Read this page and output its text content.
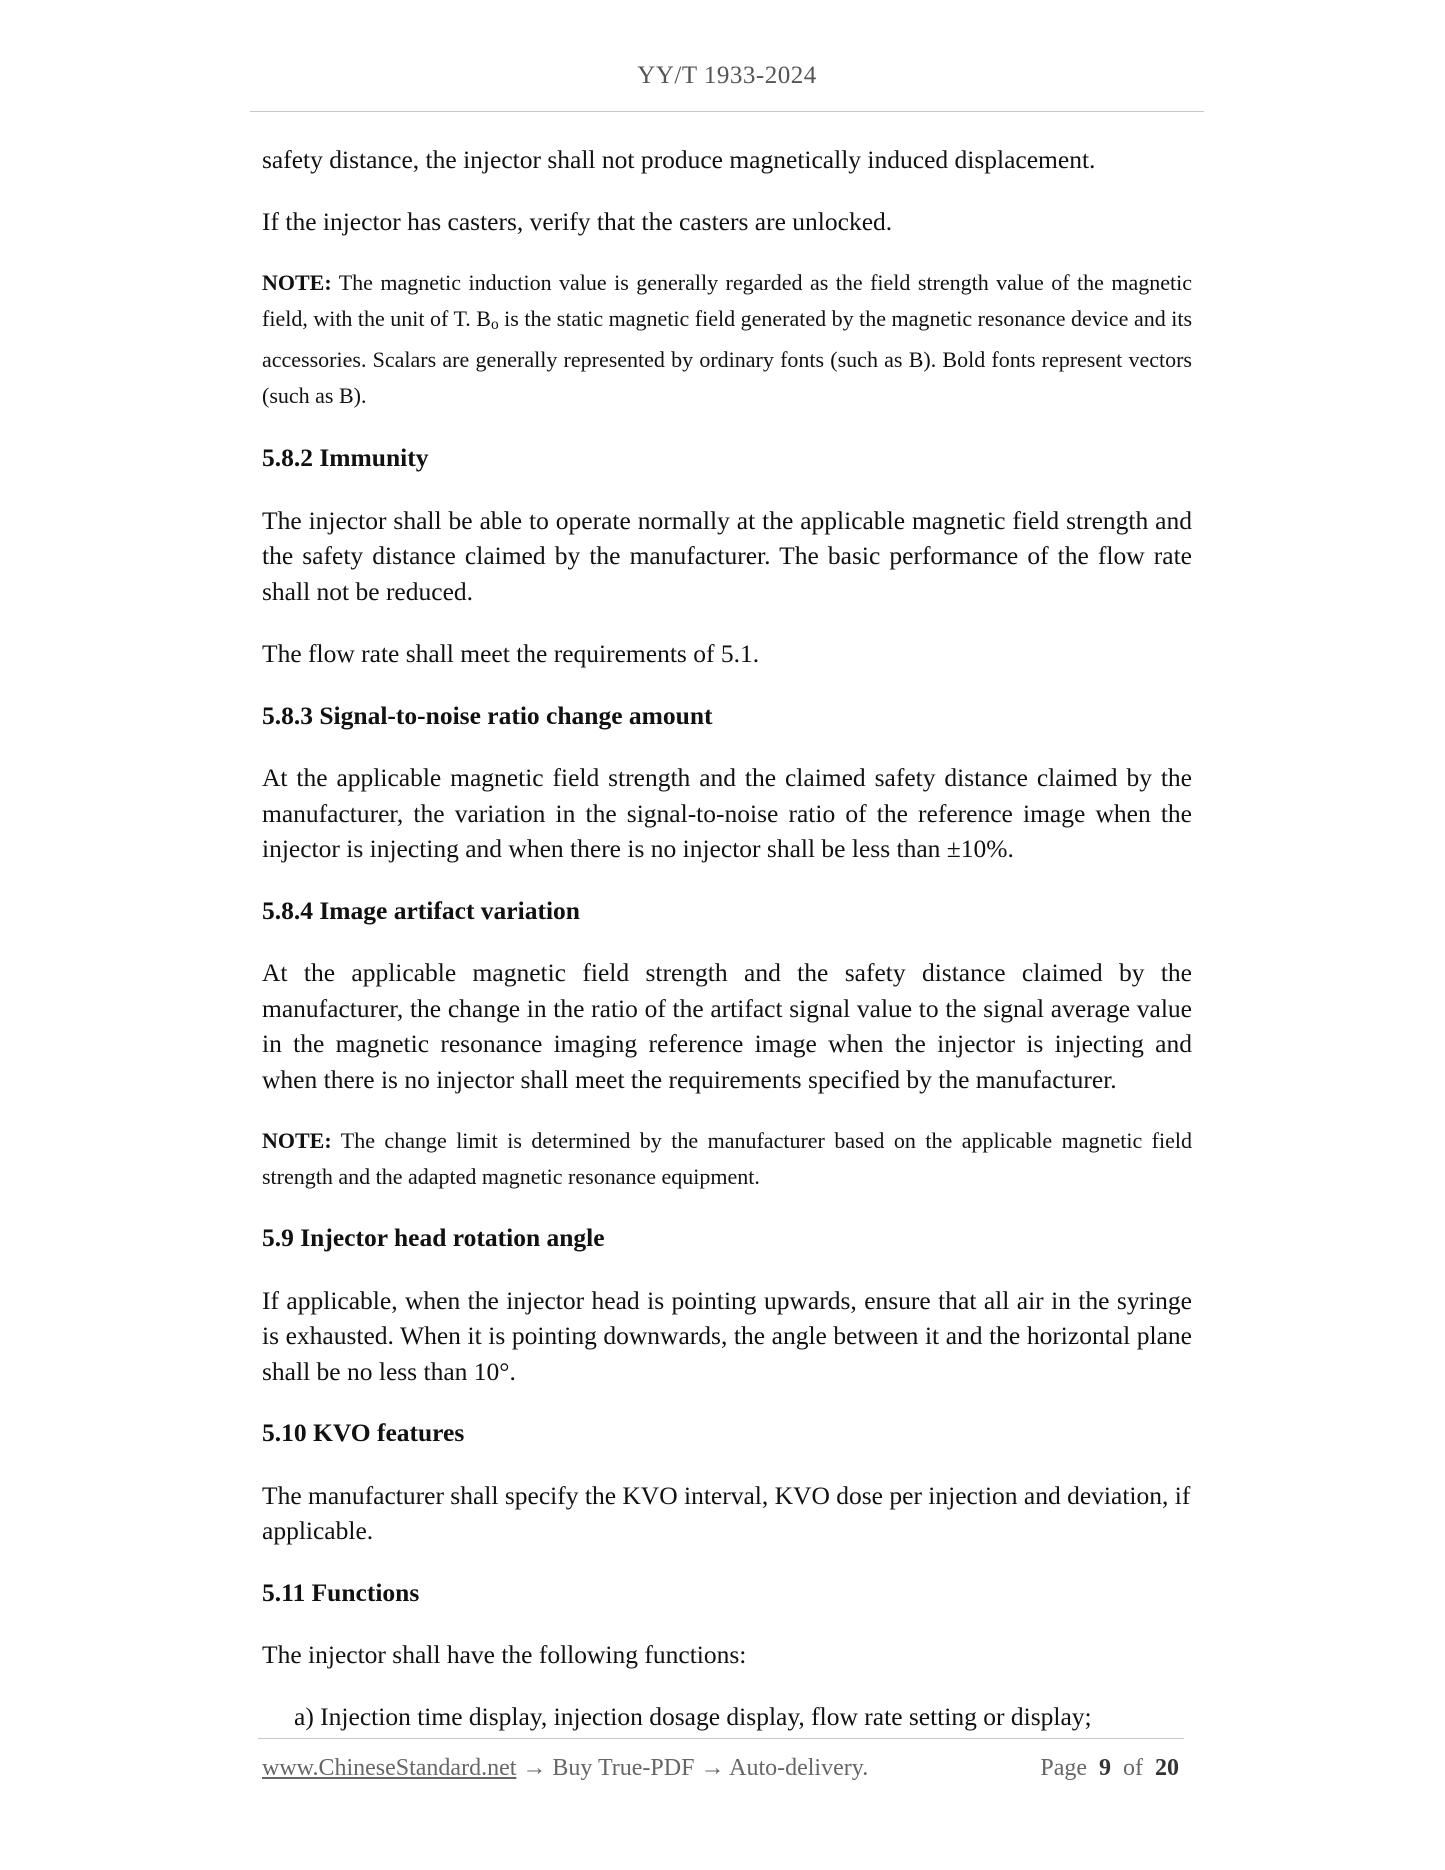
YY/T 1933-2024

safety distance, the injector shall not produce magnetically induced displacement.

If the injector has casters, verify that the casters are unlocked.

NOTE: The magnetic induction value is generally regarded as the field strength value of the magnetic field, with the unit of T. $B_o$ is the static magnetic field generated by the magnetic resonance device and its accessories. Scalars are generally represented by ordinary fonts (such as B). Bold fonts represent vectors (such as B).

5.8.2 Immunity

The injector shall be able to operate normally at the applicable magnetic field strength and the safety distance claimed by the manufacturer. The basic performance of the flow rate shall not be reduced.

The flow rate shall meet the requirements of 5.1.

5.8.3 Signal-to-noise ratio change amount

At the applicable magnetic field strength and the claimed safety distance claimed by the manufacturer, the variation in the signal-to-noise ratio of the reference image when the injector is injecting and when there is no injector shall be less than ±10%.

5.8.4 Image artifact variation

At the applicable magnetic field strength and the safety distance claimed by the manufacturer, the change in the ratio of the artifact signal value to the signal average value in the magnetic resonance imaging reference image when the injector is injecting and when there is no injector shall meet the requirements specified by the manufacturer.

NOTE: The change limit is determined by the manufacturer based on the applicable magnetic field strength and the adapted magnetic resonance equipment.

5.9 Injector head rotation angle

If applicable, when the injector head is pointing upwards, ensure that all air in the syringe is exhausted. When it is pointing downwards, the angle between it and the horizontal plane shall be no less than 10°.

5.10 KVO features

The manufacturer shall specify the KVO interval, KVO dose per injection and deviation, if applicable.

5.11 Functions

The injector shall have the following functions:

a) Injection time display, injection dosage display, flow rate setting or display;

www.ChineseStandard.net → Buy True-PDF → Auto-delivery.	Page 9 of 20
